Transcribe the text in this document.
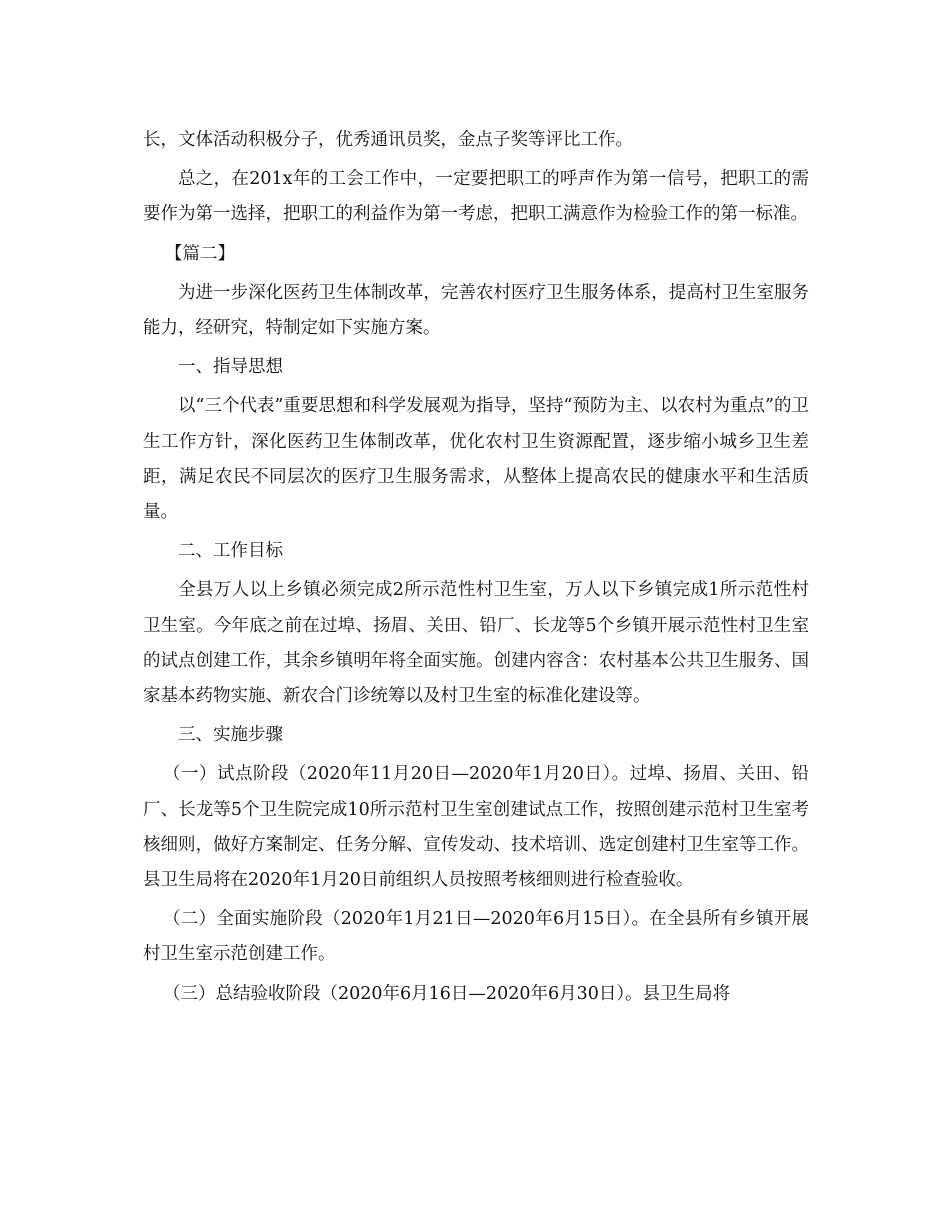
长，文体活动积极分子，优秀通讯员奖，金点子奖等评比工作。

总之，在201x年的工会工作中，一定要把职工的呼声作为第一信号，把职工的需要作为第一选择，把职工的利益作为第一考虑，把职工满意作为检验工作的第一标准。

【篇二】

为进一步深化医药卫生体制改革，完善农村医疗卫生服务体系，提高村卫生室服务能力，经研究，特制定如下实施方案。

一、指导思想

以“三个代表”重要思想和科学发展观为指导，坚持“预防为主、以农村为重点”的卫生工作方针，深化医药卫生体制改革，优化农村卫生资源配置，逐步缩小城乡卫生差距，满足农民不同层次的医疗卫生服务需求，从整体上提高农民的健康水平和生活质量。

二、工作目标

全县万人以上乡镇必须完成2所示范性村卫生室，万人以下乡镇完成1所示范性村卫生室。今年底之前在过埠、扬眉、关田、铅厂、长龙等5个乡镇开展示范性村卫生室的试点创建工作，其余乡镇明年将全面实施。创建内容含：农村基本公共卫生服务、国家基本药物实施、新农合门诊统筹以及村卫生室的标准化建设等。

三、实施步骤

（一）试点阶段（2020年11月20日—2020年1月20日）。过埠、扬眉、关田、铅厂、长龙等5个卫生院完成10所示范村卫生室创建试点工作，按照创建示范村卫生室考核细则，做好方案制定、任务分解、宣传发动、技术培训、选定创建村卫生室等工作。县卫生局将在2020年1月20日前组织人员按照考核细则进行检查验收。

（二）全面实施阶段（2020年1月21日—2020年6月15日）。在全县所有乡镇开展村卫生室示范创建工作。

（三）总结验收阶段（2020年6月16日—2020年6月30日）。县卫生局将
